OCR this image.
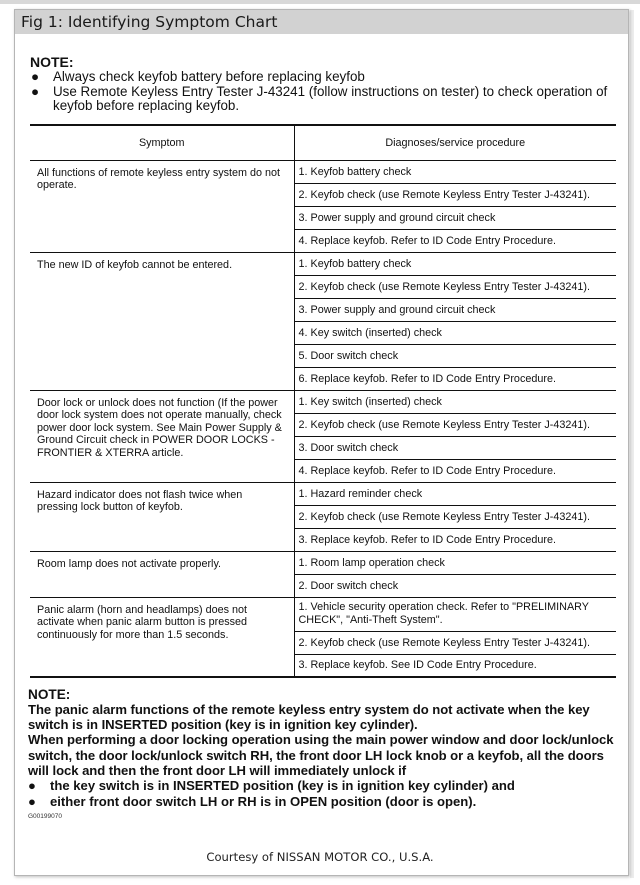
Fig 1: Identifying Symptom Chart
NOTE:
● Always check keyfob battery before replacing keyfob
● Use Remote Keyless Entry Tester J-43241 (follow instructions on tester) to check operation of keyfob before replacing keyfob.
Symptom	Diagnoses/service procedure
All functions of remote keyless entry system do not operate.	1. Keyfob battery check
	2. Keyfob check (use Remote Keyless Entry Tester J-43241).
	3. Power supply and ground circuit check
	4. Replace keyfob. Refer to ID Code Entry Procedure.
The new ID of keyfob cannot be entered.	1. Keyfob battery check
	2. Keyfob check (use Remote Keyless Entry Tester J-43241).
	3. Power supply and ground circuit check
	4. Key switch (inserted) check
	5. Door switch check
	6. Replace keyfob. Refer to ID Code Entry Procedure.
Door lock or unlock does not function (If the power door lock system does not operate manually, check power door lock system. See Main Power Supply & Ground Circuit check in POWER DOOR LOCKS - FRONTIER & XTERRA article.	1. Key switch (inserted) check
	2. Keyfob check (use Remote Keyless Entry Tester J-43241).
	3. Door switch check
	4. Replace keyfob. Refer to ID Code Entry Procedure.
Hazard indicator does not flash twice when pressing lock button of keyfob.	1. Hazard reminder check
	2. Keyfob check (use Remote Keyless Entry Tester J-43241).
	3. Replace keyfob. Refer to ID Code Entry Procedure.
Room lamp does not activate properly.	1. Room lamp operation check
	2. Door switch check
Panic alarm (horn and headlamps) does not activate when panic alarm button is pressed continuously for more than 1.5 seconds.	1. Vehicle security operation check. Refer to "PRELIMINARY CHECK", "Anti-Theft System".
	2. Keyfob check (use Remote Keyless Entry Tester J-43241).
	3. Replace keyfob. See ID Code Entry Procedure.
NOTE:
The panic alarm functions of the remote keyless entry system do not activate when the key switch is in INSERTED position (key is in ignition key cylinder).
When performing a door locking operation using the main power window and door lock/unlock switch, the door lock/unlock switch RH, the front door LH lock knob or a keyfob, all the doors will lock and then the front door LH will immediately unlock if
● the key switch is in INSERTED position (key is in ignition key cylinder) and
● either front door switch LH or RH is in OPEN position (door is open).
G00199070
Courtesy of NISSAN MOTOR CO., U.S.A.
